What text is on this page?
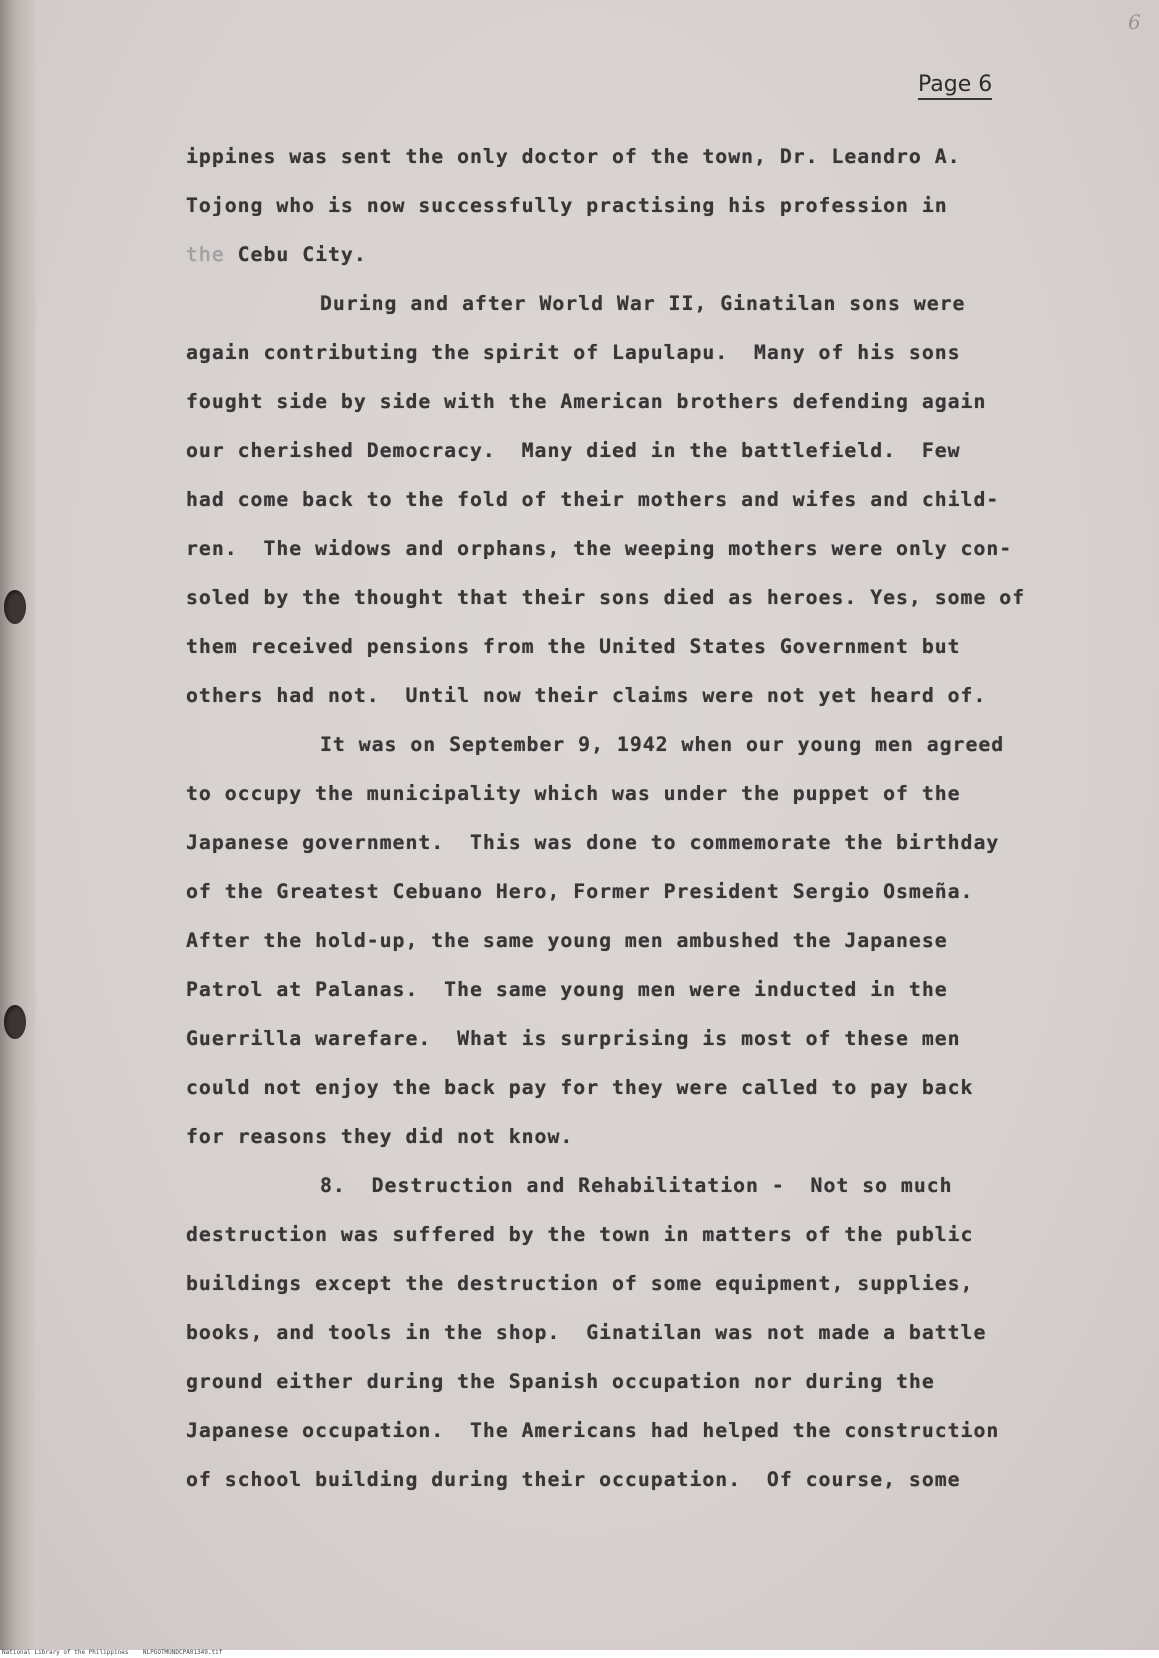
6
Page 6
ippines was sent the only doctor of the town, Dr. Leandro A.
Tojong who is now successfully practising his profession in
the Cebu City.
During and after World War II, Ginatilan sons were
again contributing the spirit of Lapulapu.  Many of his sons
fought side by side with the American brothers defending again
our cherished Democracy.  Many died in the battlefield.  Few
had come back to the fold of their mothers and wifes and child-
ren.  The widows and orphans, the weeping mothers were only con-
soled by the thought that their sons died as heroes. Yes, some of
them received pensions from the United States Government but
others had not.  Until now their claims were not yet heard of.
It was on September 9, 1942 when our young men agreed
to occupy the municipality which was under the puppet of the
Japanese government.  This was done to commemorate the birthday
of the Greatest Cebuano Hero, Former President Sergio Osmeña.
After the hold-up, the same young men ambushed the Japanese
Patrol at Palanas.  The same young men were inducted in the
Guerrilla warefare.  What is surprising is most of these men
could not enjoy the back pay for they were called to pay back
for reasons they did not know.
8.  Destruction and Rehabilitation -  Not so much
destruction was suffered by the town in matters of the public
buildings except the destruction of some equipment, supplies,
books, and tools in the shop.  Ginatilan was not made a battle
ground either during the Spanish occupation nor during the
Japanese occupation.  The Americans had helped the construction
of school building during their occupation.  Of course, some
National Library of the Philippines    NLPGOTMUNDCPA01349.tif
